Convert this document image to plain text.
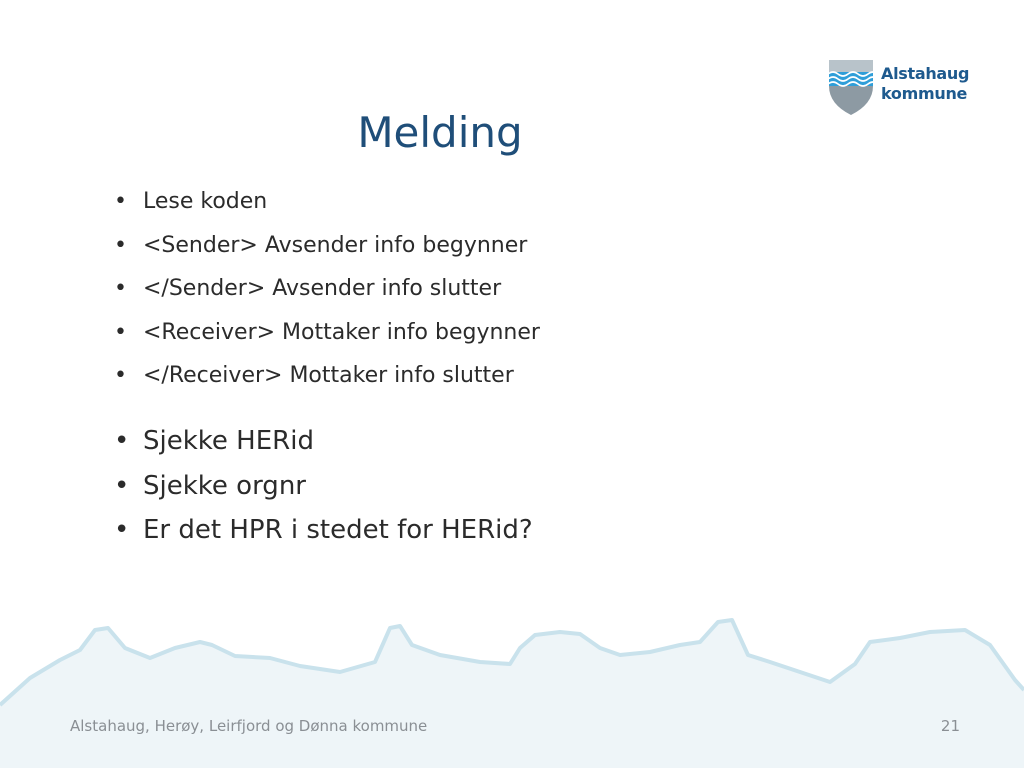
Alstahaug
kommune
Melding
• Lese koden
• <Sender> Avsender info begynner
• </Sender> Avsender info slutter
• <Receiver> Mottaker info begynner
• </Receiver> Mottaker info slutter
• Sjekke HERid
• Sjekke orgnr
• Er det HPR i stedet for HERid?
Alstahaug, Herøy, Leirfjord og Dønna kommune	21
